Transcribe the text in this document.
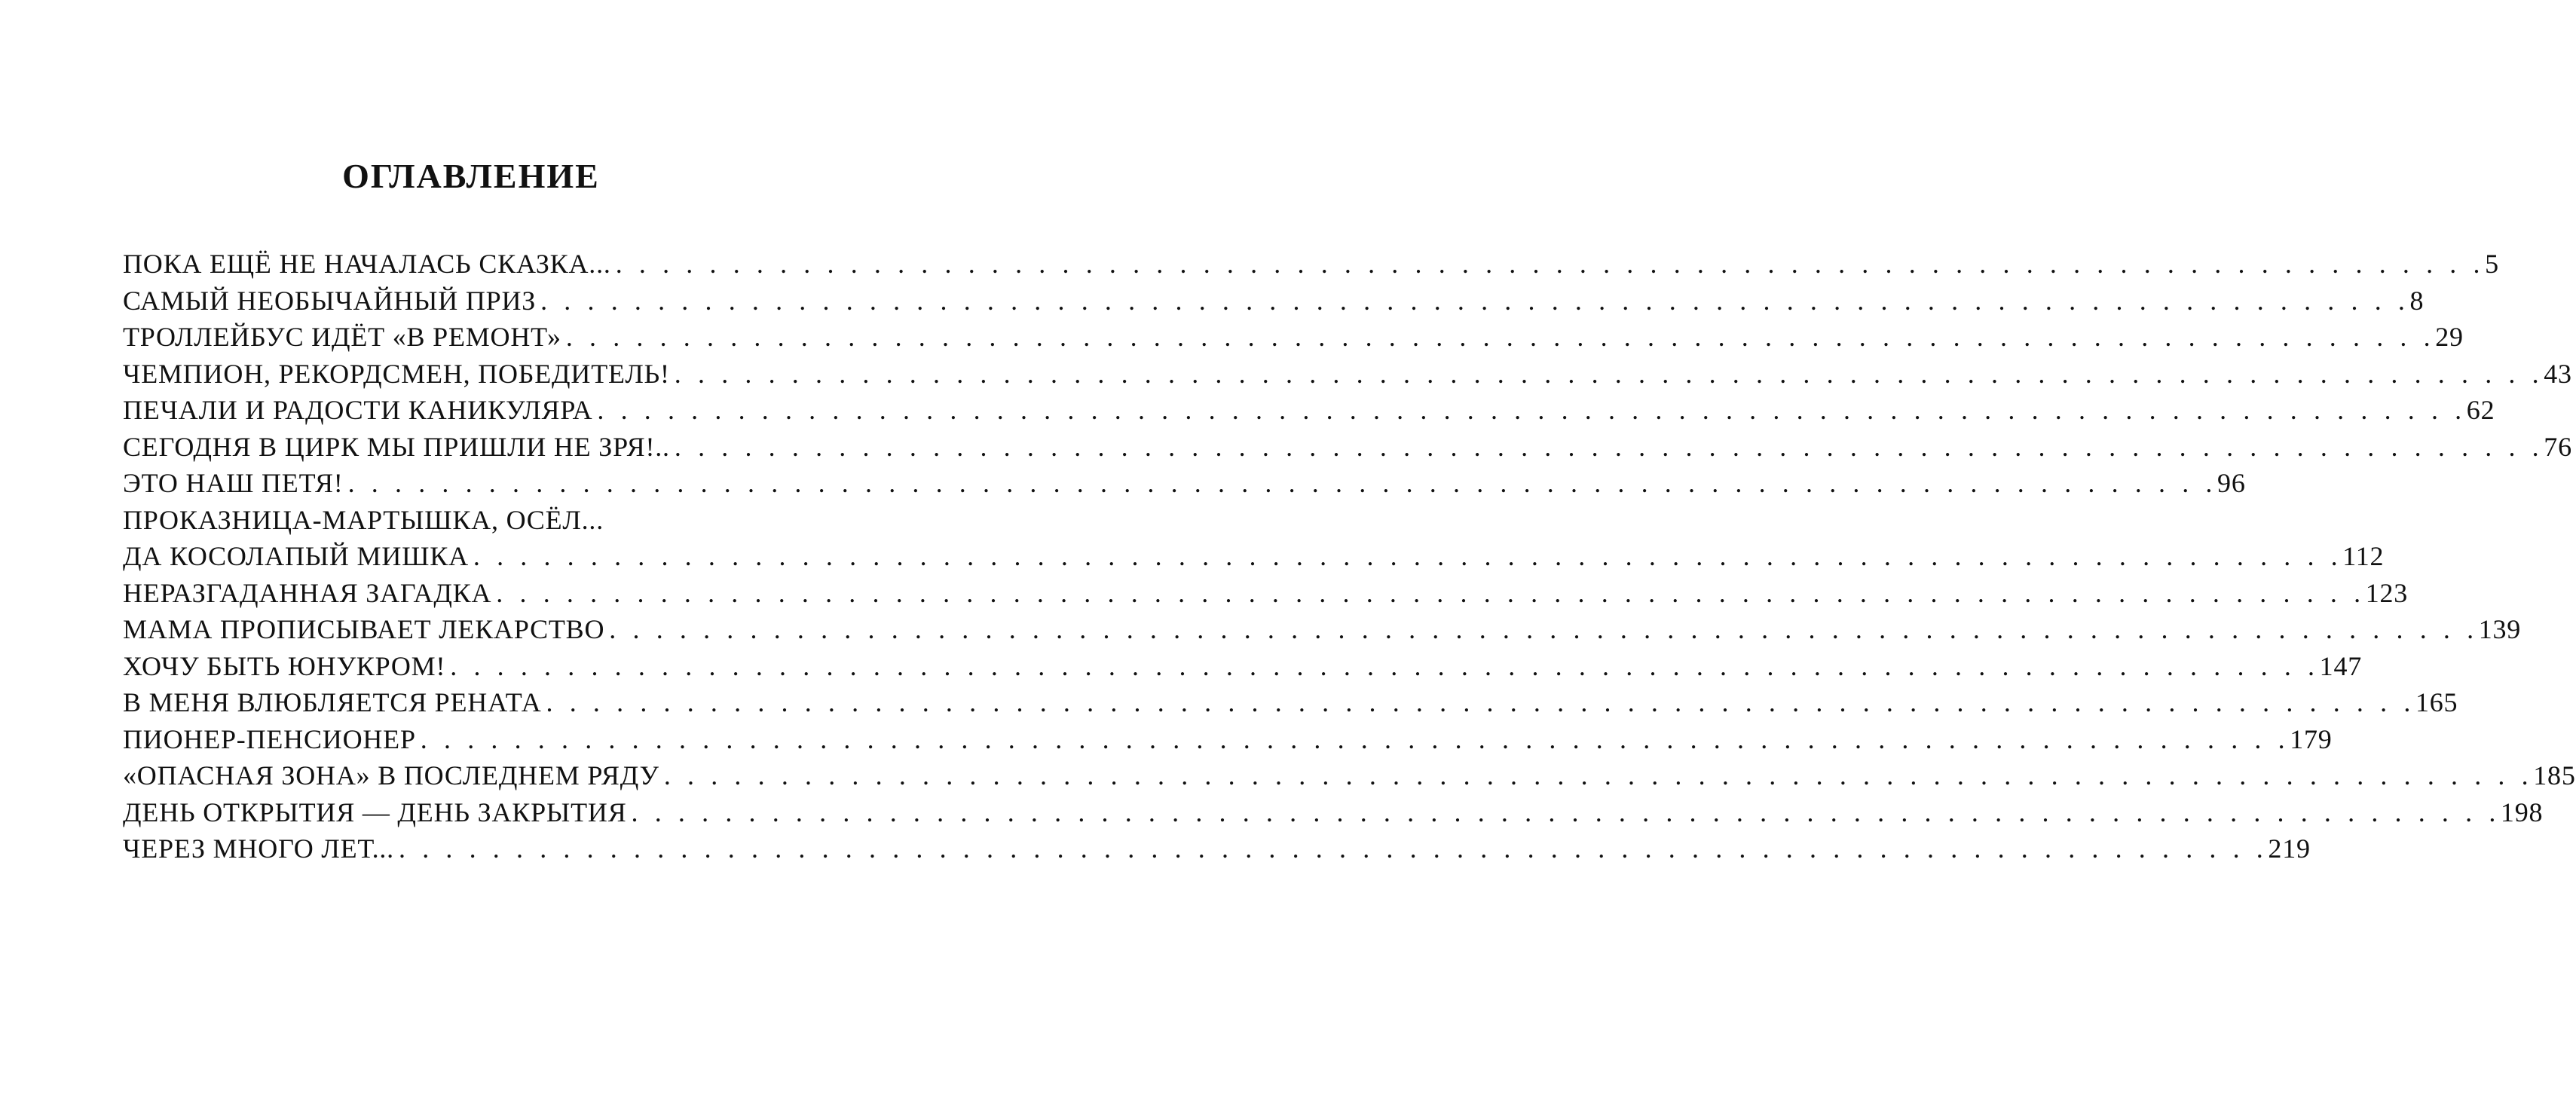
ОГЛАВЛЕНИЕ
ПОКА ЕЩЁ НЕ НАЧАЛАСЬ СКАЗКА... . . . . . . . . . . . . . . . . . . . . . . . . . . . . . . . . . . . . . . . . . . . . . . . . . . . . . . . . . . . . . . . . . . . . . . . . . . . . . . . . 5
САМЫЙ НЕОБЫЧАЙНЫЙ ПРИЗ . . . . . . . . . . . . . . . . . . . . . . . . . . . . . . . . . . . . . . . . . . . . . . . . . . . . . . . . . . . . . . . . . . . . . . . . . . . . . . . . 8
ТРОЛЛЕЙБУС ИДЁТ «В РЕМОНТ» . . . . . . . . . . . . . . . . . . . . . . . . . . . . . . . . . . . . . . . . . . . . . . . . . . . . . . . . . . . . . . . . . . . . . . . . . . . . . . . . 29
ЧЕМПИОН, РЕКОРДСМЕН, ПОБЕДИТЕЛЬ! . . . . . . . . . . . . . . . . . . . . . . . . . . . . . . . . . . . . . . . . . . . . . . . . . . . . . . . . . . . . . . . . . . . . . . . . . . . . . . . . 43
ПЕЧАЛИ И РАДОСТИ КАНИКУЛЯРА . . . . . . . . . . . . . . . . . . . . . . . . . . . . . . . . . . . . . . . . . . . . . . . . . . . . . . . . . . . . . . . . . . . . . . . . . . . . . . . . 62
СЕГОДНЯ В ЦИРК МЫ ПРИШЛИ НЕ ЗРЯ!.. . . . . . . . . . . . . . . . . . . . . . . . . . . . . . . . . . . . . . . . . . . . . . . . . . . . . . . . . . . . . . . . . . . . . . . . . . . . . . . . . 76
ЭТО НАШ ПЕТЯ! . . . . . . . . . . . . . . . . . . . . . . . . . . . . . . . . . . . . . . . . . . . . . . . . . . . . . . . . . . . . . . . . . . . . . . . . . . . . . . . . 96
ПРОКАЗНИЦА-МАРТЫШКА, ОСЁЛ...
ДА КОСОЛАПЫЙ МИШКА . . . . . . . . . . . . . . . . . . . . . . . . . . . . . . . . . . . . . . . . . . . . . . . . . . . . . . . . . . . . . . . . . . . . . . . . . . . . . . . . 112
НЕРАЗГАДАННАЯ ЗАГАДКА . . . . . . . . . . . . . . . . . . . . . . . . . . . . . . . . . . . . . . . . . . . . . . . . . . . . . . . . . . . . . . . . . . . . . . . . . . . . . . . . 123
МАМА ПРОПИСЫВАЕТ ЛЕКАРСТВО . . . . . . . . . . . . . . . . . . . . . . . . . . . . . . . . . . . . . . . . . . . . . . . . . . . . . . . . . . . . . . . . . . . . . . . . . . . . . . . . 139
ХОЧУ БЫТЬ ЮНУКРОМ! . . . . . . . . . . . . . . . . . . . . . . . . . . . . . . . . . . . . . . . . . . . . . . . . . . . . . . . . . . . . . . . . . . . . . . . . . . . . . . . . 147
В МЕНЯ ВЛЮБЛЯЕТСЯ РЕНАТА . . . . . . . . . . . . . . . . . . . . . . . . . . . . . . . . . . . . . . . . . . . . . . . . . . . . . . . . . . . . . . . . . . . . . . . . . . . . . . . . 165
ПИОНЕР-ПЕНСИОНЕР . . . . . . . . . . . . . . . . . . . . . . . . . . . . . . . . . . . . . . . . . . . . . . . . . . . . . . . . . . . . . . . . . . . . . . . . . . . . . . . . 179
«ОПАСНАЯ ЗОНА» В ПОСЛЕДНЕМ РЯДУ . . . . . . . . . . . . . . . . . . . . . . . . . . . . . . . . . . . . . . . . . . . . . . . . . . . . . . . . . . . . . . . . . . . . . . . . . . . . . . . . 185
ДЕНЬ ОТКРЫТИЯ — ДЕНЬ ЗАКРЫТИЯ . . . . . . . . . . . . . . . . . . . . . . . . . . . . . . . . . . . . . . . . . . . . . . . . . . . . . . . . . . . . . . . . . . . . . . . . . . . . . . . . 198
ЧЕРЕЗ МНОГО ЛЕТ... . . . . . . . . . . . . . . . . . . . . . . . . . . . . . . . . . . . . . . . . . . . . . . . . . . . . . . . . . . . . . . . . . . . . . . . . . . . . . . . . 219
